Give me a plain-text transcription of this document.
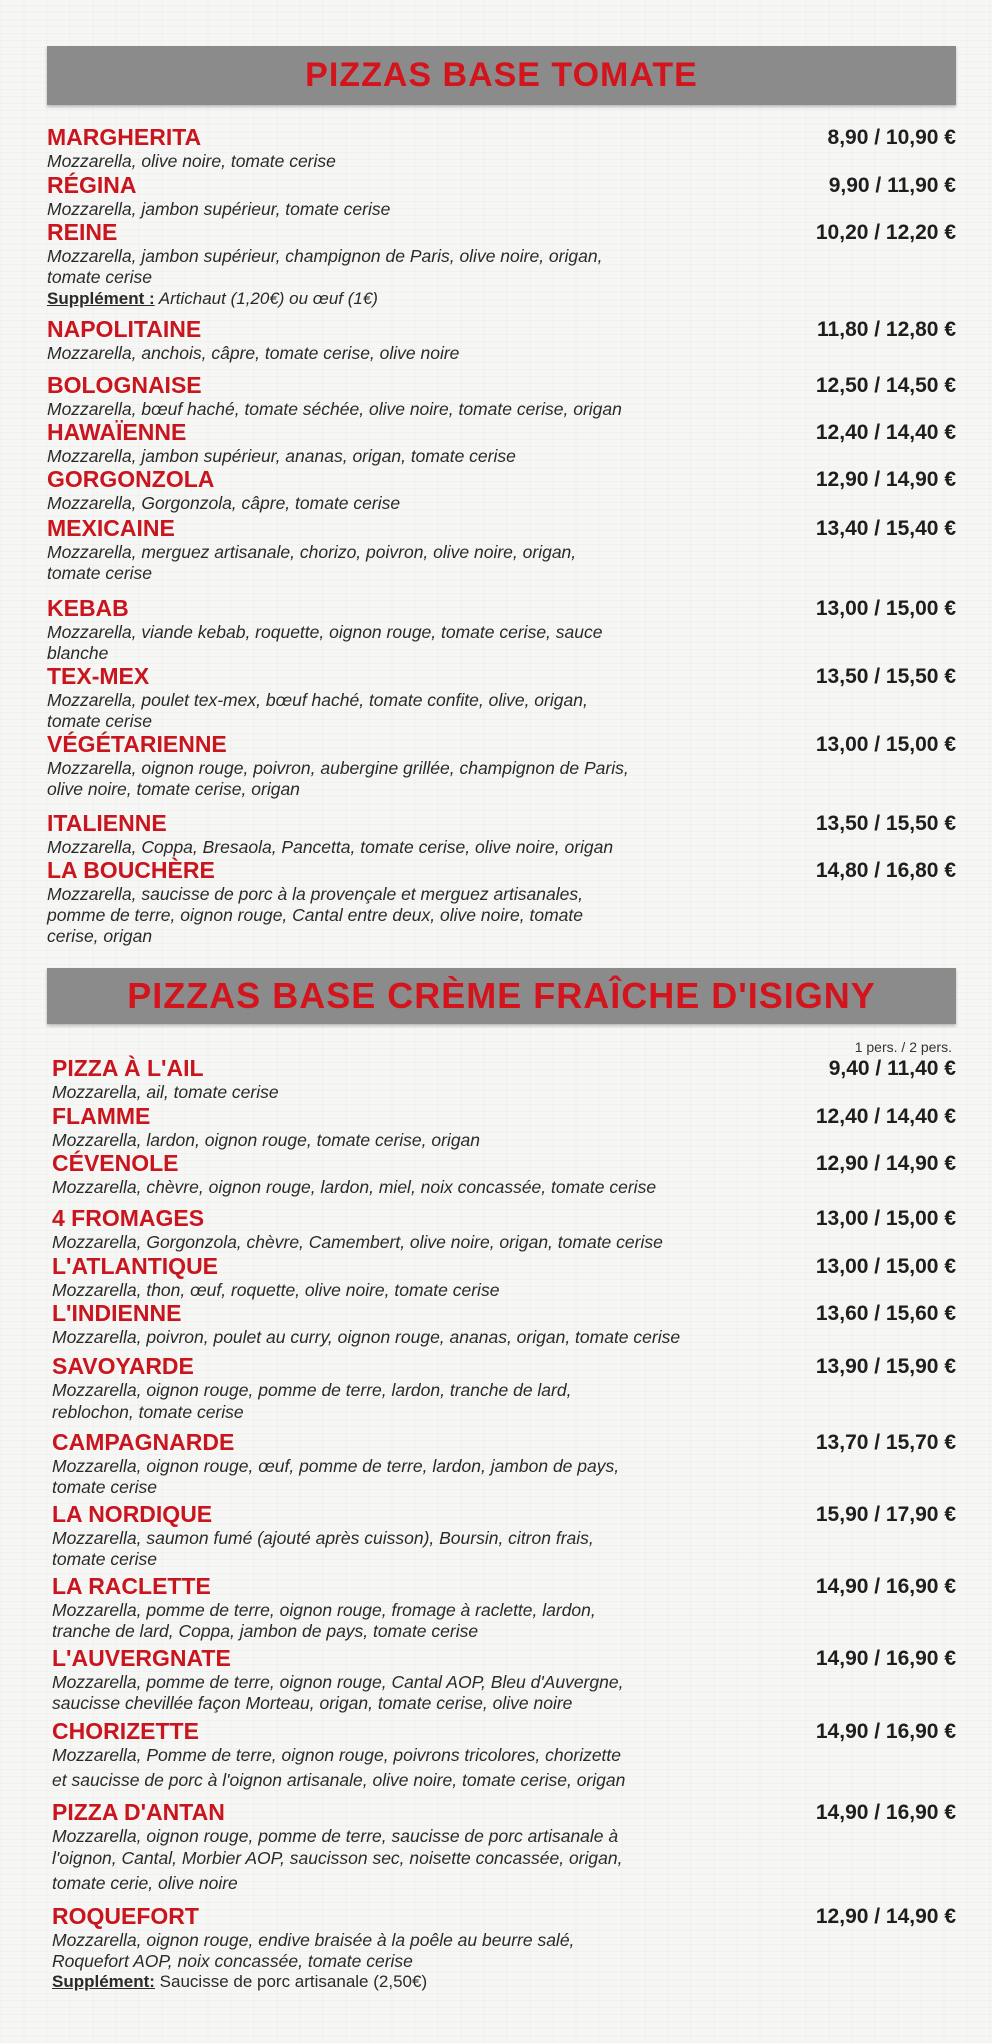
PIZZAS BASE TOMATE
MARGHERITA	8,90 / 10,90 €
Mozzarella, olive noire, tomate cerise
RÉGINA	9,90 / 11,90 €
Mozzarella, jambon supérieur, tomate cerise
REINE	10,20 / 12,20 €
Mozzarella, jambon supérieur, champignon de Paris, olive noire, origan,
tomate cerise
Supplément : Artichaut (1,20€) ou œuf (1€)
NAPOLITAINE	11,80 / 12,80 €
Mozzarella, anchois, câpre, tomate cerise, olive noire
BOLOGNAISE	12,50 / 14,50 €
Mozzarella, bœuf haché, tomate séchée, olive noire, tomate cerise, origan
HAWAÏENNE	12,40 / 14,40 €
Mozzarella, jambon supérieur, ananas, origan, tomate cerise
GORGONZOLA	12,90 / 14,90 €
Mozzarella, Gorgonzola, câpre, tomate cerise
MEXICAINE	13,40 / 15,40 €
Mozzarella, merguez artisanale, chorizo, poivron, olive noire, origan,
tomate cerise
KEBAB	13,00 / 15,00 €
Mozzarella, viande kebab, roquette, oignon rouge, tomate cerise, sauce
blanche
TEX-MEX	13,50 / 15,50 €
Mozzarella, poulet tex-mex, bœuf haché, tomate confite, olive, origan,
tomate cerise
VÉGÉTARIENNE	13,00 / 15,00 €
Mozzarella, oignon rouge, poivron, aubergine grillée, champignon de Paris,
olive noire, tomate cerise, origan
ITALIENNE	13,50 / 15,50 €
Mozzarella, Coppa, Bresaola, Pancetta, tomate cerise, olive noire, origan
LA BOUCHÈRE	14,80 / 16,80 €
Mozzarella, saucisse de porc à la provençale et merguez artisanales,
pomme de terre, oignon rouge, Cantal entre deux, olive noire, tomate
cerise, origan
PIZZAS BASE CRÈME FRAÎCHE D'ISIGNY
1 pers. / 2 pers.
PIZZA À L'AIL	9,40 / 11,40 €
Mozzarella, ail, tomate cerise
FLAMME	12,40 / 14,40 €
Mozzarella, lardon, oignon rouge, tomate cerise, origan
CÉVENOLE	12,90 / 14,90 €
Mozzarella, chèvre, oignon rouge, lardon, miel, noix concassée, tomate cerise
4 FROMAGES	13,00 / 15,00 €
Mozzarella, Gorgonzola, chèvre, Camembert, olive noire, origan, tomate cerise
L'ATLANTIQUE	13,00 / 15,00 €
Mozzarella, thon, œuf, roquette, olive noire, tomate cerise
L'INDIENNE	13,60 / 15,60 €
Mozzarella, poivron, poulet au curry, oignon rouge, ananas, origan, tomate cerise
SAVOYARDE	13,90 / 15,90 €
Mozzarella, oignon rouge, pomme de terre, lardon, tranche de lard,
reblochon, tomate cerise
CAMPAGNARDE	13,70 / 15,70 €
Mozzarella, oignon rouge, œuf, pomme de terre, lardon, jambon de pays,
tomate cerise
LA NORDIQUE	15,90 / 17,90 €
Mozzarella, saumon fumé (ajouté après cuisson), Boursin, citron frais,
tomate cerise
LA RACLETTE	14,90 / 16,90 €
Mozzarella, pomme de terre, oignon rouge, fromage à raclette, lardon,
tranche de lard, Coppa, jambon de pays, tomate cerise
L'AUVERGNATE	14,90 / 16,90 €
Mozzarella, pomme de terre, oignon rouge, Cantal AOP, Bleu d'Auvergne,
saucisse chevillée façon Morteau, origan, tomate cerise, olive noire
CHORIZETTE	14,90 / 16,90 €
Mozzarella, Pomme de terre, oignon rouge, poivrons tricolores, chorizette
et saucisse de porc à l'oignon artisanale, olive noire, tomate cerise, origan
PIZZA D'ANTAN	14,90 / 16,90 €
Mozzarella, oignon rouge, pomme de terre, saucisse de porc artisanale à
l'oignon, Cantal, Morbier AOP, saucisson sec, noisette concassée, origan,
tomate cerie, olive noire
ROQUEFORT	12,90 / 14,90 €
Mozzarella, oignon rouge, endive braisée à la poêle au beurre salé,
Roquefort AOP, noix concassée, tomate cerise
Supplément: Saucisse de porc artisanale (2,50€)
